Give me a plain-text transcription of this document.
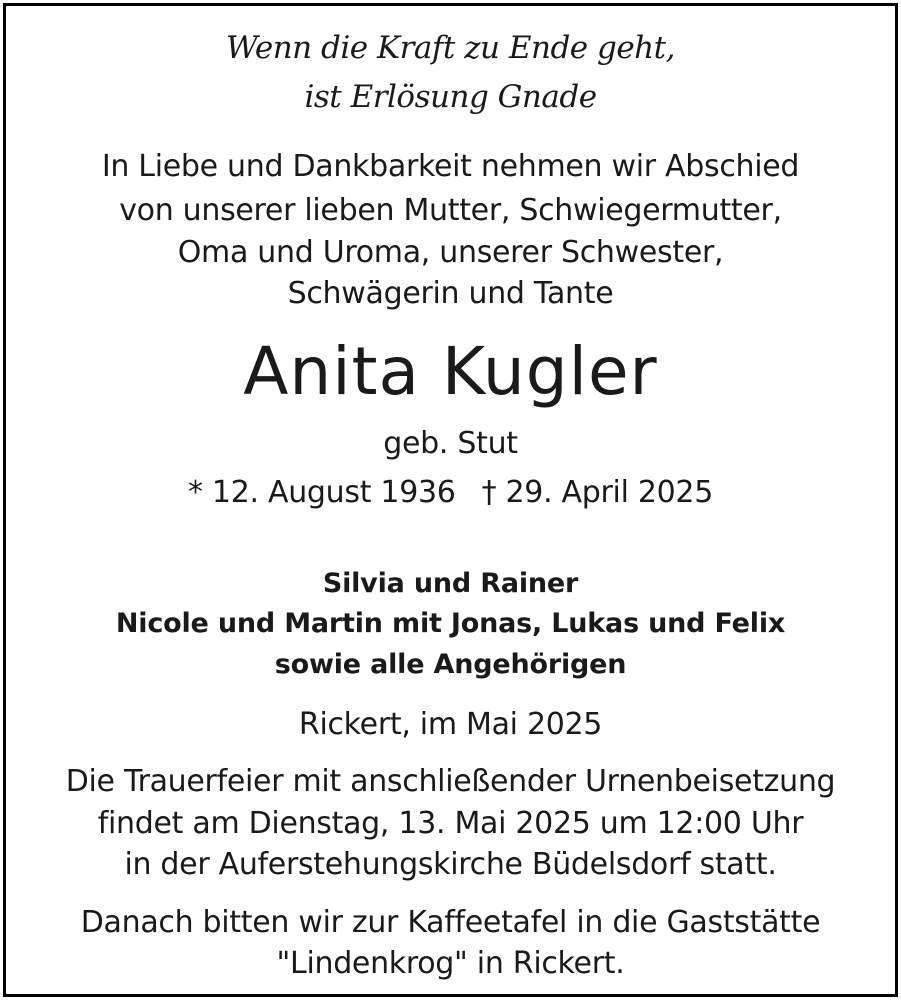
Wenn die Kraft zu Ende geht,

ist Erlösung Gnade

In Liebe und Dankbarkeit nehmen wir Abschied

von unserer lieben Mutter, Schwiegermutter,

Oma und Uroma, unserer Schwester,

Schwägerin und Tante

Anita Kugler

geb. Stut

* 12. August 1936 † 29. April 2025

Silvia und Rainer

Nicole und Martin mit Jonas, Lukas und Felix

sowie alle Angehörigen

Rickert, im Mai 2025

Die Trauerfeier mit anschließender Urnenbeisetzung

findet am Dienstag, 13. Mai 2025 um 12:00 Uhr

in der Auferstehungskirche Büdelsdorf statt.

Danach bitten wir zur Kaffeetafel in die Gaststätte

"Lindenkrog" in Rickert.
